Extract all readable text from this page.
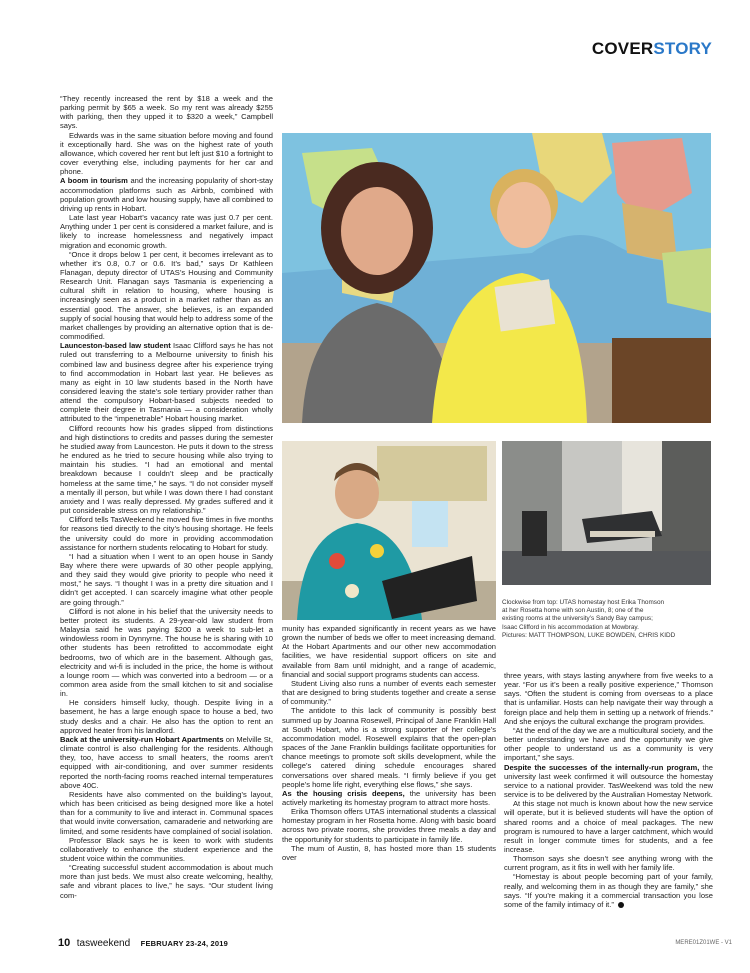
COVERSTORY

“They recently increased the rent by $18 a week and the parking permit by $65 a week. So my rent was already $255 with parking, then they upped it to $320 a week,” Campbell says.

Edwards was in the same situation before moving and found it exceptionally hard. She was on the highest rate of youth allowance, which covered her rent but left just $10 a fortnight to cover everything else, including payments for her car and phone.

A boom in tourism and the increasing popularity of short-stay accommodation platforms such as Airbnb, combined with population growth and low housing supply, have all combined to driving up rents in Hobart.

Late last year Hobart’s vacancy rate was just 0.7 per cent. Anything under 1 per cent is considered a market failure, and is likely to increase homelessness and negatively impact migration and economic growth.

“Once it drops below 1 per cent, it becomes irrelevant as to whether it’s 0.8, 0.7 or 0.6. It’s bad,” says Dr Kathleen Flanagan, deputy director of UTAS’s Housing and Community Research Unit. Flanagan says Tasmania is experiencing a cultural shift in relation to housing, where housing is increasingly seen as a product in a market rather than as an essential good. The answer, she believes, is an expanded supply of social housing that would help to address some of the market challenges by providing an alternative option that is de-commodified.

Launceston-based law student Isaac Clifford says he has not ruled out transferring to a Melbourne university to finish his combined law and business degree after his experience trying to find accommodation in Hobart last year. He believes as many as eight in 10 law students based in the North have considered leaving the state’s sole tertiary provider rather than attend the compulsory Hobart-based subjects needed to complete their degree in Tasmania — a consideration wholly attributed to the “impenetrable” Hobart housing market.

Clifford recounts how his grades slipped from distinctions and high distinctions to credits and passes during the semester he studied away from Launceston. He puts it down to the stress he endured as he tried to secure housing while also trying to maintain his studies. “I had an emotional and mental breakdown because I couldn’t sleep and be practically homeless at the same time,” he says. “I do not consider myself a mentally ill person, but while I was down there I had constant anxiety and I was really depressed. My grades suffered and it put considerable stress on my relationship.”

Clifford tells TasWeekend he moved five times in five months for reasons tied directly to the city’s housing shortage. He feels the university could do more in providing accommodation assistance for northern students relocating to Hobart for study.

“I had a situation when I went to an open house in Sandy Bay where there were upwards of 30 other people applying, and they said they would give priority to people who need it most,” he says. “I thought I was in a pretty dire situation and I didn’t get accepted. I can scarcely imagine what other people are going through.”

Clifford is not alone in his belief that the university needs to better protect its students. A 29-year-old law student from Malaysia said he was paying $200 a week to sub-let a windowless room in Dynnyrne. The house he is sharing with 10 other students has been retrofitted to accommodate eight bedrooms, two of which are in the basement. Although gas, electricity and wi-fi is included in the price, the home is without a lounge room — which was converted into a bedroom — or a common area aside from the small kitchen to sit and socialise in.

He considers himself lucky, though. Despite living in a basement, he has a large enough space to house a bed, two study desks and a chair. He also has the option to rent an approved heater from his landlord.

Back at the university-run Hobart Apartments on Melville St, climate control is also challenging for the residents. Although they, too, have access to small heaters, the rooms aren’t equipped with air-conditioning, and over summer residents reported the north-facing rooms reached internal temperatures above 40C.

Residents have also commented on the building’s layout, which has been criticised as being designed more like a hotel than for a community to live and interact in. Communal spaces that would invite conversation, camaraderie and networking are limited, and some residents have complained of social isolation.

Professor Black says he is keen to work with students collaboratively to enhance the student experience and the student voice within the communities.

“Creating successful student accommodation is about much more than just beds. We must also create welcoming, healthy, safe and vibrant places to live,” he says. “Our student living com-

Clockwise from top: UTAS homestay host Erika Thomson
at her Rosetta home with son Austin, 8; one of the
existing rooms at the university’s Sandy Bay campus;
Isaac Clifford in his accommodation at Mowbray.
Pictures: MATT THOMPSON, LUKE BOWDEN, CHRIS KIDD

munity has expanded significantly in recent years as we have grown the number of beds we offer to meet increasing demand. At the Hobart Apartments and our other new accommodation facilities, we have residential support officers on site and available from 8am until midnight, and a range of academic, financial and social support programs students can access.

Student Living also runs a number of events each semester that are designed to bring students together and create a sense of community.”

The antidote to this lack of community is possibly best summed up by Joanna Rosewell, Principal of Jane Franklin Hall at South Hobart, who is a strong supporter of her college’s accommodation model. Rosewell explains that the open-plan spaces of the Jane Franklin buildings facilitate opportunities for chance meetings to promote soft skills development, while the college’s catered dining schedule encourages shared conversations over shared meals. “I firmly believe if you get people’s home life right, everything else flows,” she says.

As the housing crisis deepens, the university has been actively marketing its homestay program to attract more hosts.

Erika Thomson offers UTAS international students a classical homestay program in her Rosetta home. Along with basic board across two private rooms, she provides three meals a day and the opportunity for students to participate in family life.

The mum of Austin, 8, has hosted more than 15 students over

three years, with stays lasting anywhere from five weeks to a year. “For us it’s been a really positive experience,” Thomson says. “Often the student is coming from overseas to a place that is unfamiliar. Hosts can help navigate their way through a foreign place and help them in setting up a network of friends.” And she enjoys the cultural exchange the program provides.

“At the end of the day we are a multicultural society, and the better understanding we have and the opportunity we give other people to understand us as a community is very important,” she says.

Despite the successes of the internally-run program, the university last week confirmed it will outsource the homestay service to a national provider. TasWeekend was told the new service is to be delivered by the Australian Homestay Network.

At this stage not much is known about how the new service will operate, but it is believed students will have the option of shared rooms and a choice of meal packages. The new program is rumoured to have a larger catchment, which would result in longer commute times for students, and a fee increase.

Thomson says she doesn’t see anything wrong with the current program, as it fits in well with her family life.

“Homestay is about people becoming part of your family, really, and welcoming them in as though they are family,” she says. “If you’re making it a commercial transaction you lose some of the family intimacy of it.”

10 tasweekend FEBRUARY 23-24, 2019	MERE01Z01WE - V1
